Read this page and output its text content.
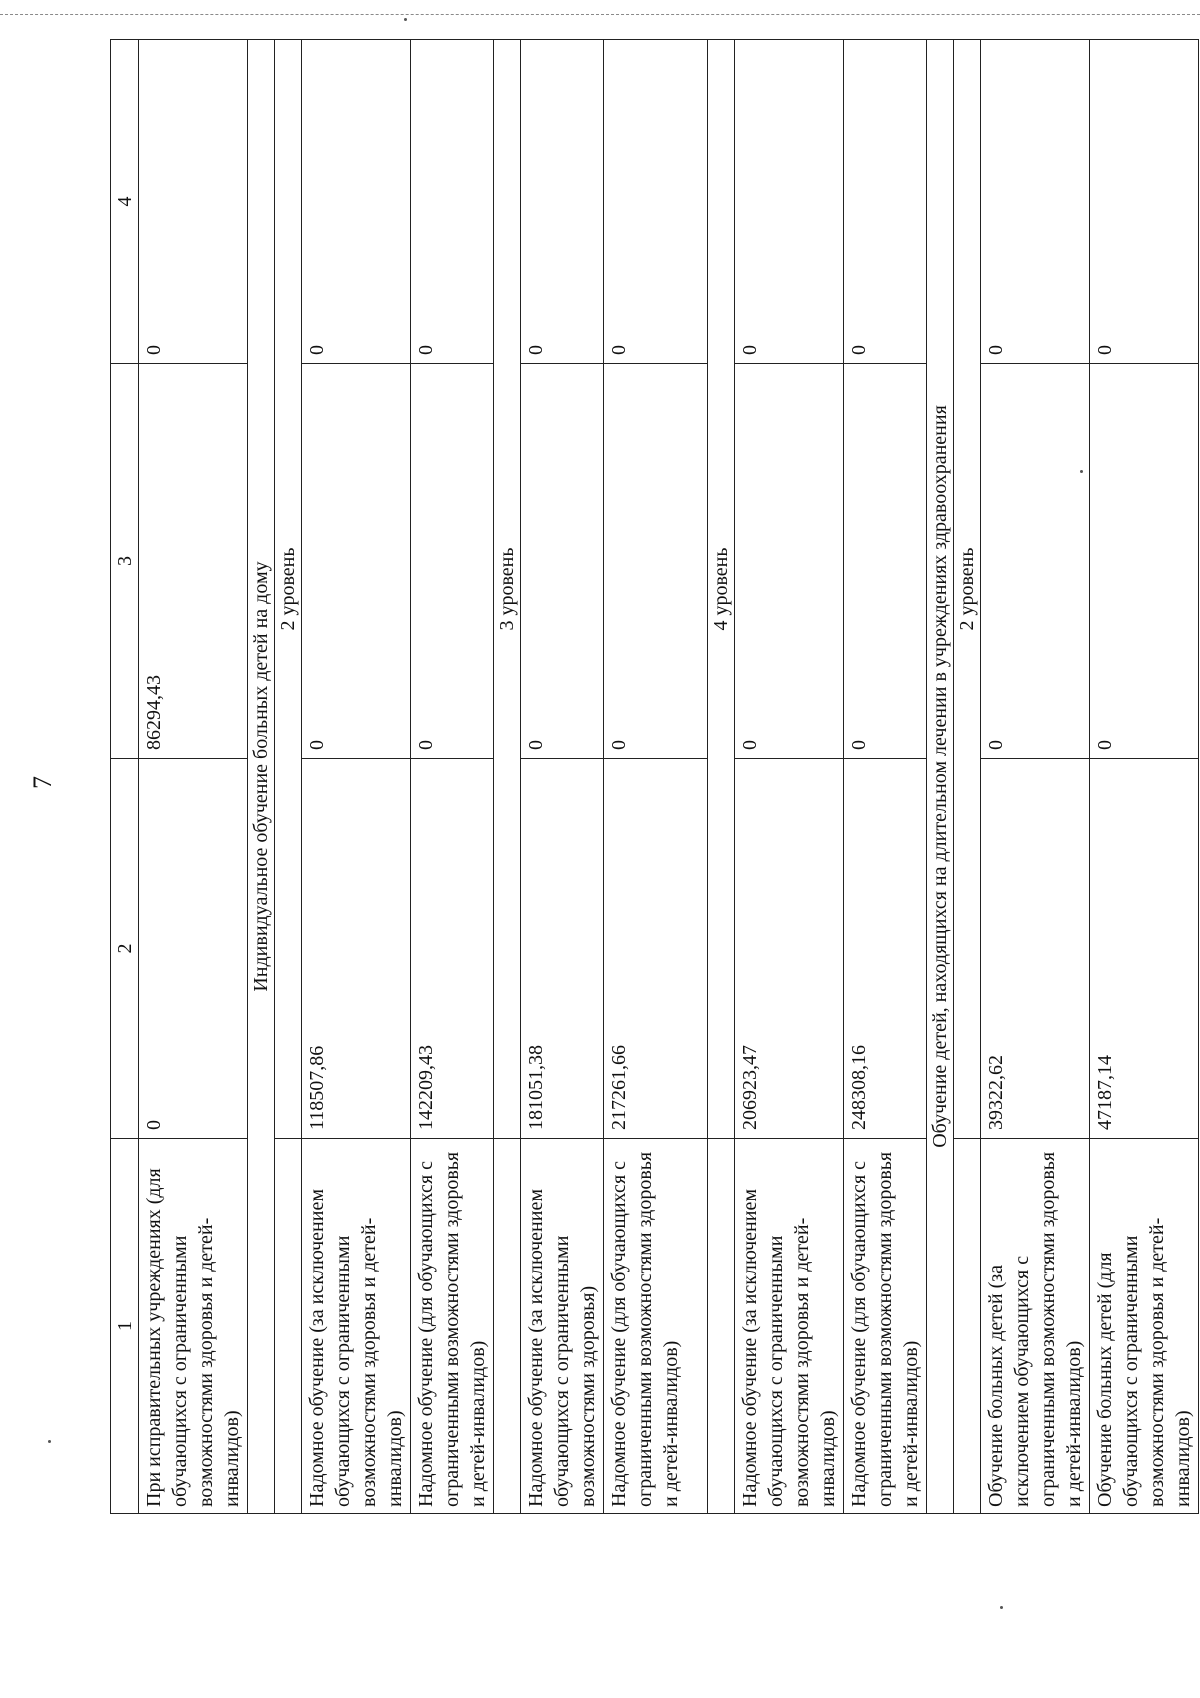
7
1	2	3	4
При исправительных учреждениях (для обучающихся с ограниченными возможностями здоровья и детей-инвалидов)	0	86294,43	0
Индивидуальное обучение больных детей на дому			
	2 уровень		
Надомное обучение (за исключением обучающихся с ограниченными возможностями здоровья и детей-инвалидов)	118507,86	0	0
Надомное обучение (для обучающихся с ограниченными возможностями здоровья и детей-инвалидов)	142209,43	0	0
	3 уровень		
Надомное обучение (за исключением обучающихся с ограниченными возможностями здоровья)	181051,38	0	0
Надомное обучение (для обучающихся с ограниченными возможностями здоровья и детей-инвалидов)	217261,66	0	0
	4 уровень		
Надомное обучение (за исключением обучающихся с ограниченными возможностями здоровья и детей-инвалидов)	206923,47	0	0
Надомное обучение (для обучающихся с ограниченными возможностями здоровья и детей-инвалидов)	248308,16	0	0
Обучение детей, находящихся на длительном лечении в учреждениях здравоохранения			
	2 уровень		
Обучение больных детей (за исключением обучающихся с ограниченными возможностями здоровья и детей-инвалидов)	39322,62	0	0
Обучение больных детей (для обучающихся с ограниченными возможностями здоровья и детей-инвалидов)	47187,14	0	0
